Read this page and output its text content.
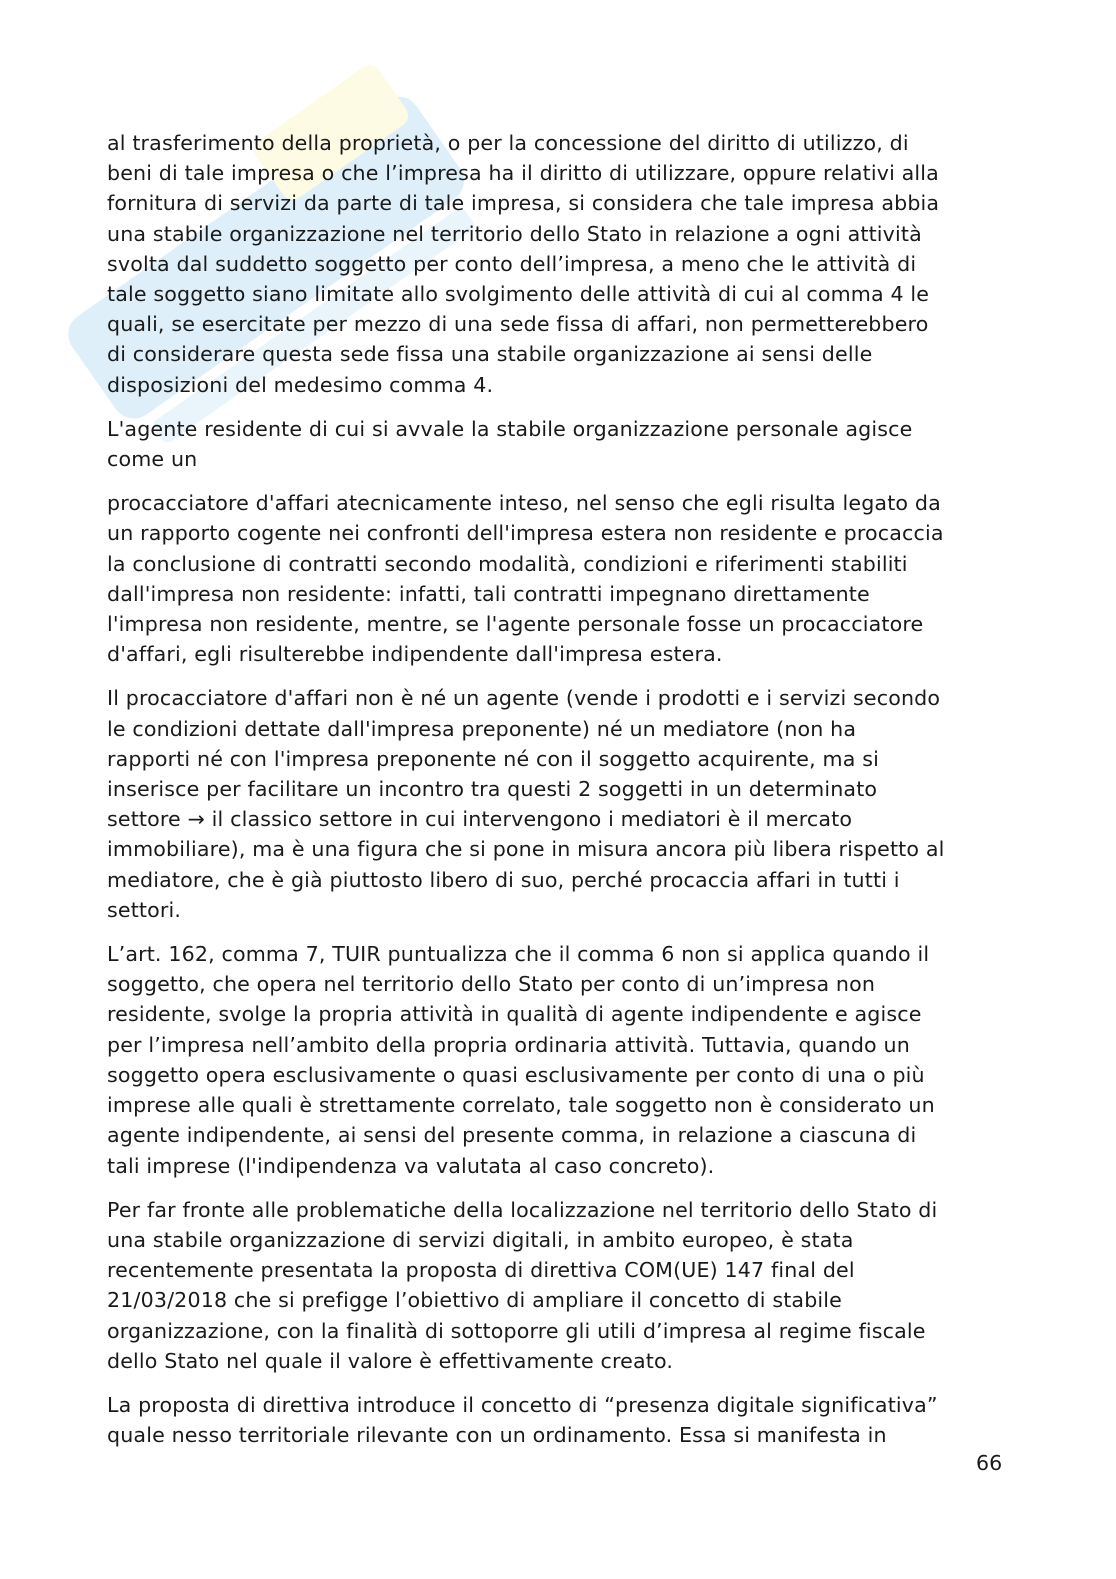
al trasferimento della proprietà, o per la concessione del diritto di utilizzo, di
beni di tale impresa o che l’impresa ha il diritto di utilizzare, oppure relativi alla
fornitura di servizi da parte di tale impresa, si considera che tale impresa abbia
una stabile organizzazione nel territorio dello Stato in relazione a ogni attività
svolta dal suddetto soggetto per conto dell’impresa, a meno che le attività di
tale soggetto siano limitate allo svolgimento delle attività di cui al comma 4 le
quali, se esercitate per mezzo di una sede fissa di affari, non permetterebbero
di considerare questa sede fissa una stabile organizzazione ai sensi delle
disposizioni del medesimo comma 4.

L'agente residente di cui si avvale la stabile organizzazione personale agisce
come un

procacciatore d'affari atecnicamente inteso, nel senso che egli risulta legato da
un rapporto cogente nei confronti dell'impresa estera non residente e procaccia
la conclusione di contratti secondo modalità, condizioni e riferimenti stabiliti
dall'impresa non residente: infatti, tali contratti impegnano direttamente
l'impresa non residente, mentre, se l'agente personale fosse un procacciatore
d'affari, egli risulterebbe indipendente dall'impresa estera.

Il procacciatore d'affari non è né un agente (vende i prodotti e i servizi secondo
le condizioni dettate dall'impresa preponente) né un mediatore (non ha
rapporti né con l'impresa preponente né con il soggetto acquirente, ma si
inserisce per facilitare un incontro tra questi 2 soggetti in un determinato
settore → il classico settore in cui intervengono i mediatori è il mercato
immobiliare), ma è una figura che si pone in misura ancora più libera rispetto al
mediatore, che è già piuttosto libero di suo, perché procaccia affari in tutti i
settori.

L’art. 162, comma 7, TUIR puntualizza che il comma 6 non si applica quando il
soggetto, che opera nel territorio dello Stato per conto di un’impresa non
residente, svolge la propria attività in qualità di agente indipendente e agisce
per l’impresa nell’ambito della propria ordinaria attività. Tuttavia, quando un
soggetto opera esclusivamente o quasi esclusivamente per conto di una o più
imprese alle quali è strettamente correlato, tale soggetto non è considerato un
agente indipendente, ai sensi del presente comma, in relazione a ciascuna di
tali imprese (l'indipendenza va valutata al caso concreto).

Per far fronte alle problematiche della localizzazione nel territorio dello Stato di
una stabile organizzazione di servizi digitali, in ambito europeo, è stata
recentemente presentata la proposta di direttiva COM(UE) 147 final del
21/03/2018 che si prefigge l’obiettivo di ampliare il concetto di stabile
organizzazione, con la finalità di sottoporre gli utili d’impresa al regime fiscale
dello Stato nel quale il valore è effettivamente creato.

La proposta di direttiva introduce il concetto di “presenza digitale significativa”
quale nesso territoriale rilevante con un ordinamento. Essa si manifesta in

66
